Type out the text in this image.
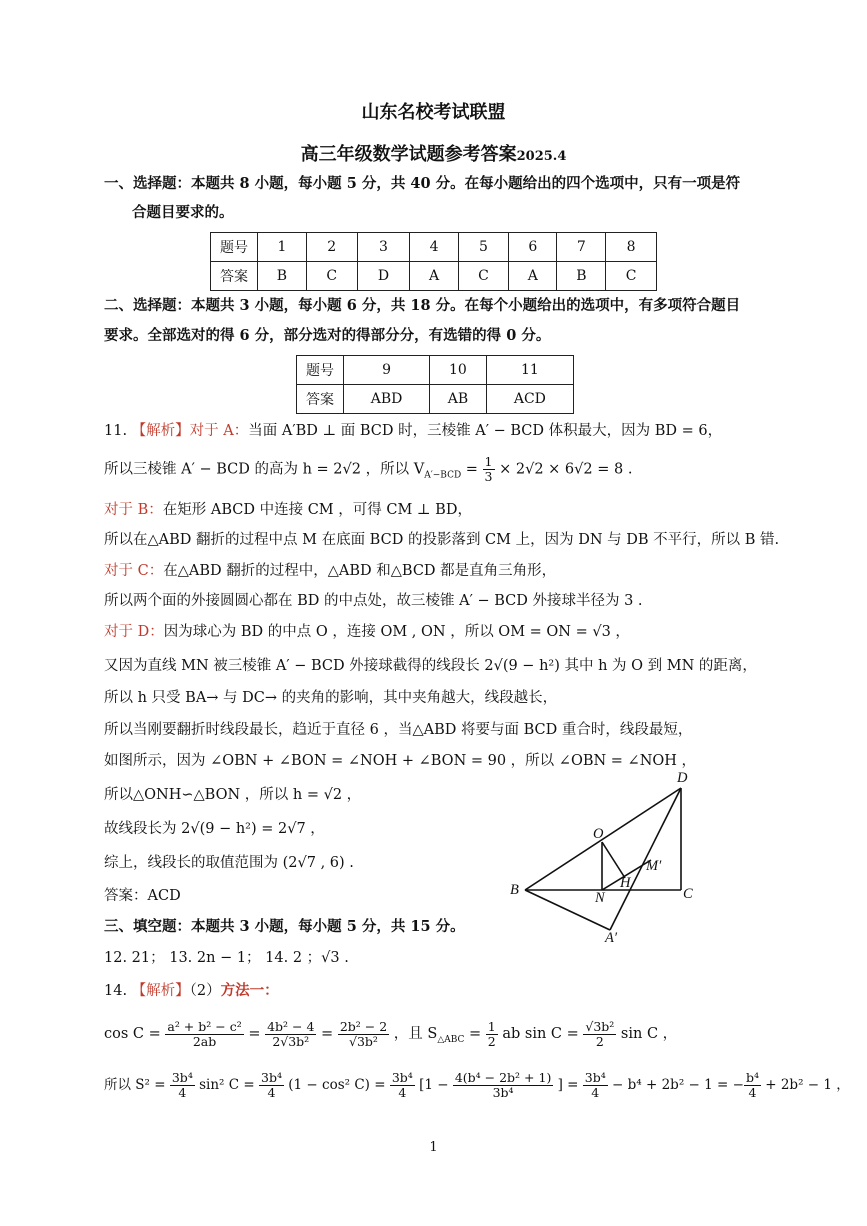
山东名校考试联盟
高三年级数学试题参考答案2025.4
一、选择题：本题共 8 小题，每小题 5 分，共 40 分。在每小题给出的四个选项中，只有一项是符
合题目要求的。
题号	1	2	3	4	5	6	7	8
答案	B	C	D	A	C	A	B	C
二、选择题：本题共 3 小题，每小题 6 分，共 18 分。在每个小题给出的选项中，有多项符合题目
要求。全部选对的得 6 分，部分选对的得部分分，有选错的得 0 分。
题号	9	10	11
答案	ABD	AB	ACD
11. 【解析】对于 A：当面 A′BD ⊥ 面 BCD 时，三棱锥 A′ − BCD 体积最大，因为 BD = 6，
所以三棱锥 A′ − BCD 的高为 h = 2√2 ，所以 $V_{A'-BCD} = \frac{1}{3} \times 2√2 \times 6√2 = 8$ .
对于 B：在矩形 ABCD 中连接 CM ，可得 CM ⊥ BD，
所以在△ABD 翻折的过程中点 M 在底面 BCD 的投影落到 CM 上，因为 DN 与 DB 不平行，所以 B 错.
对于 C：在△ABD 翻折的过程中，△ABD 和△BCD 都是直角三角形，
所以两个面的外接圆圆心都在 BD 的中点处，故三棱锥 A′ − BCD 外接球半径为 3 .
对于 D：因为球心为 BD 的中点 O ，连接 OM , ON ，所以 OM = ON = √3 ，
又因为直线 MN 被三棱锥 A′ − BCD 外接球截得的线段长 2√(9 − h²) 其中 h 为 O 到 MN 的距离，
所以 h 只受 BA→ 与 DC→ 的夹角的影响，其中夹角越大，线段越长，
所以当刚要翻折时线段最长，趋近于直径 6 ，当△ABD 将要与面 BCD 重合时，线段最短，
如图所示，因为 ∠OBN + ∠BON = ∠NOH + ∠BON = 90 ，所以 ∠OBN = ∠NOH ，
所以△ONH∽△BON ，所以 h = √2 ，
故线段长为 2√(9 − h²) = 2√7 ，
综上，线段长的取值范围为 (2√7 , 6) .
答案：ACD
D
O
M′
H
B	N	C
A′
三、填空题：本题共 3 小题，每小题 5 分，共 15 分。
12. 21； 13. 2n − 1； 14. 2 ；√3 .
14. 【解析】（2）方法一：
$\cos C = \frac{\text{a² + b² − c²}}{2ab} = \frac{\text{4b² − 4}}{\text{2√3b²}} = \frac{\text{2b² − 2}}{\text{√3b²}}$ ，且 $S_{\triangle ABC} = \frac{1}{2}$ ab $\sin C = \frac{\text{√3b²}}{2}$ sin C ，
所以 $S^2 = \frac{\text{3b⁴}}{4} \sin^2$ $C = \frac{\text{3b⁴}}{4} (1 - \cos^2$ $C) = \frac{\text{3b⁴}}{4} [1 - \frac{\text{4(b⁴ − 2b² + 1)}}{\text{3b⁴}}$ ] = $\frac{\text{3b⁴}}{4} - b^4 + 2b^2 - 1$ = − $\frac{\text{b⁴}}{4} + 2b^2 - 1$ ，
1
